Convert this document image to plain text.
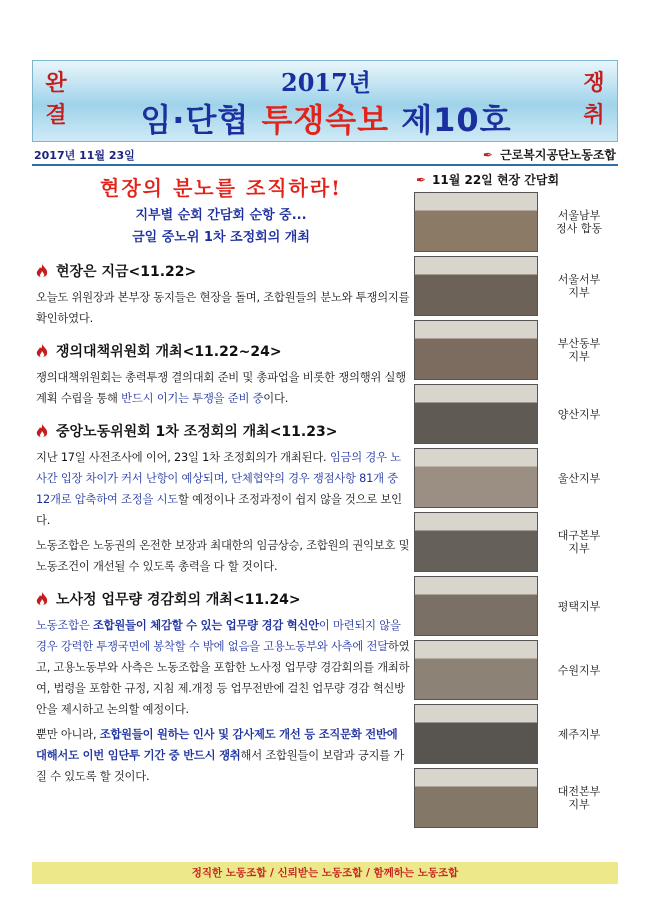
완
결
2017년
임·단협 투쟁속보 제10호
쟁
취
2017년 11월 23일	✒ 근로복지공단노동조합
현장의 분노를 조직하라!
지부별 순회 간담회 순항 중...
금일 중노위 1차 조정회의 개최
현장은 지금<11.22>
오늘도 위원장과 본부장 동지들은 현장을 돌며, 조합원들의 분노와 투쟁의지를 확인하였다.
쟁의대책위원회 개최<11.22~24>
쟁의대책위원회는 총력투쟁 결의대회 준비 및 총파업을 비롯한 쟁의행위 실행계획 수립을 통해 반드시 이기는 투쟁을 준비 중이다.
중앙노동위원회 1차 조정회의 개최<11.23>
지난 17일 사전조사에 이어, 23일 1차 조정회의가 개최된다. 임금의 경우 노사간 입장 차이가 커서 난항이 예상되며, 단체협약의 경우 쟁점사항 81개 중 12개로 압축하여 조정을 시도할 예정이나 조정과정이 쉽지 않을 것으로 보인다.
노동조합은 노동권의 온전한 보장과 최대한의 임금상승, 조합원의 권익보호 및 노동조건이 개선될 수 있도록 총력을 다 할 것이다.
노사정 업무량 경감회의 개최<11.24>
노동조합은 조합원들이 체감할 수 있는 업무량 경감 혁신안이 마련되지 않을 경우 강력한 투쟁국면에 봉착할 수 밖에 없음을 고용노동부와 사측에 전달하였고, 고용노동부와 사측은 노동조합을 포함한 노사정 업무량 경감회의를 개최하여, 법령을 포함한 규정, 지침 제.개정 등 업무전반에 걸친 업무량 경감 혁신방안을 제시하고 논의할 예정이다.
뿐만 아니라, 조합원들이 원하는 인사 및 감사제도 개선 등 조직문화 전반에 대해서도 이번 임단투 기간 중 반드시 쟁취해서 조합원들이 보람과 긍지를 가질 수 있도록 할 것이다.
✒ 11월 22일 현장 간담회
서울남부
정사 합동
서울서부
지부
부산동부
지부
양산지부
울산지부
대구본부
지부
평택지부
수원지부
제주지부
대전본부
지부
정직한 노동조합 / 신뢰받는 노동조합 / 함께하는 노동조합
